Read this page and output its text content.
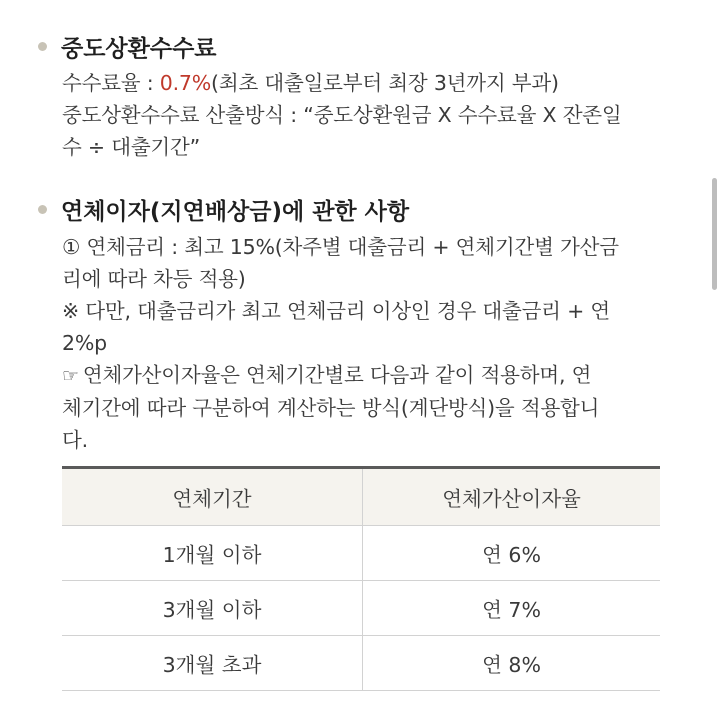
중도상환수수료
수수료율 : 0.7%(최초 대출일로부터 최장 3년까지 부과)
중도상환수수료 산출방식 : “중도상환원금 X 수수료율 X 잔존일
수 ÷ 대출기간”
연체이자(지연배상금)에 관한 사항
① 연체금리 : 최고 15%(차주별 대출금리 + 연체기간별 가산금
리에 따라 차등 적용)
※ 다만, 대출금리가 최고 연체금리 이상인 경우 대출금리 + 연
2%p
☞ 연체가산이자율은 연체기간별로 다음과 같이 적용하며, 연
체기간에 따라 구분하여 계산하는 방식(계단방식)을 적용합니
다.
연체기간	연체가산이자율
1개월 이하	연 6%
3개월 이하	연 7%
3개월 초과	연 8%
